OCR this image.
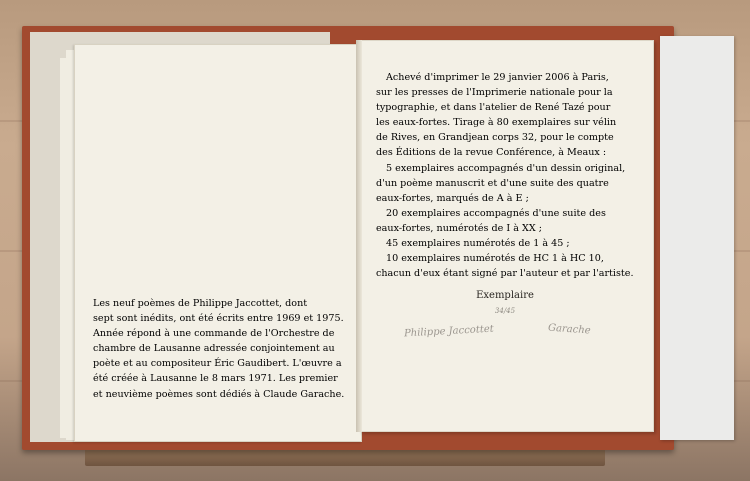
Les neuf poèmes de Philippe Jaccottet, dont
sept sont inédits, ont été écrits entre 1969 et 1975.
Année répond à une commande de l'Orchestre de
chambre de Lausanne adressée conjointement au
poète et au compositeur Éric Gaudibert. L'œuvre a
été créée à Lausanne le 8 mars 1971. Les premier
et neuvième poèmes sont dédiés à Claude Garache.
Achevé d'imprimer le 29 janvier 2006 à Paris,
sur les presses de l'Imprimerie nationale pour la
typographie, et dans l'atelier de René Tazé pour
les eaux-fortes. Tirage à 80 exemplaires sur vélin
de Rives, en Grandjean corps 32, pour le compte
des Éditions de la revue Conférence, à Meaux :
5 exemplaires accompagnés d'un dessin original,
d'un poème manuscrit et d'une suite des quatre
eaux-fortes, marqués de A à E ;
20 exemplaires accompagnés d'une suite des
eaux-fortes, numérotés de I à XX ;
45 exemplaires numérotés de 1 à 45 ;
10 exemplaires numérotés de HC 1 à HC 10,
chacun d'eux étant signé par l'auteur et par l'artiste.
Exemplaire
34/45
Philippe Jaccottet	Garache
